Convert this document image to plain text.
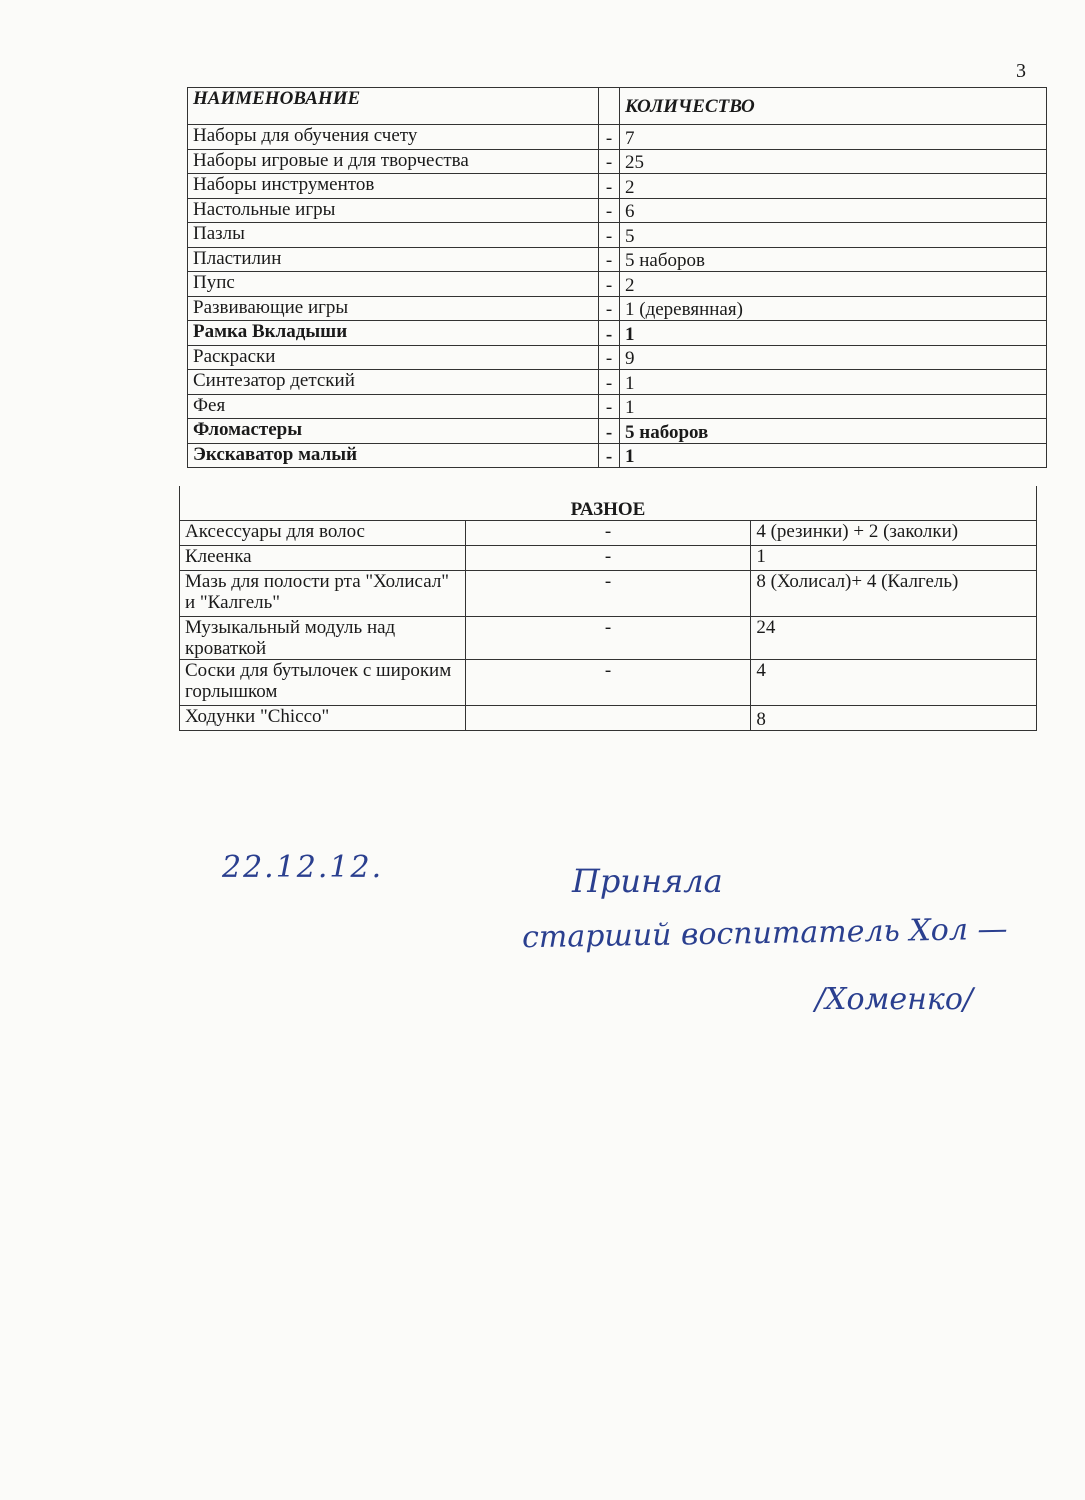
3
НАИМЕНОВАНИЕ		КОЛИЧЕСТВО
Наборы для обучения счету	-	7
Наборы игровые и для творчества	-	25
Наборы инструментов	-	2
Настольные игры	-	6
Пазлы	-	5
Пластилин	-	5 наборов
Пупс	-	2
Развивающие игры	-	1 (деревянная)
Рамка Вкладыши	-	1
Раскраски	-	9
Синтезатор детский	-	1
Фея	-	1
Фломастеры	-	5 наборов
Экскаватор малый	-	1
РАЗНОЕ		
Аксессуары для волос	-	4 (резинки) + 2 (заколки)
Клеенка	-	1
Мазь для полости рта "Холисал" и "Калгель"	-	8 (Холисал)+ 4 (Калгель)
Музыкальный модуль над кроваткой	-	24
Соски для бутылочек с широким горлышком	-	4
Ходунки "Chicco"		8
22.12.12.	Приняла
старший воспитатель Хол —
/Хоменко/
